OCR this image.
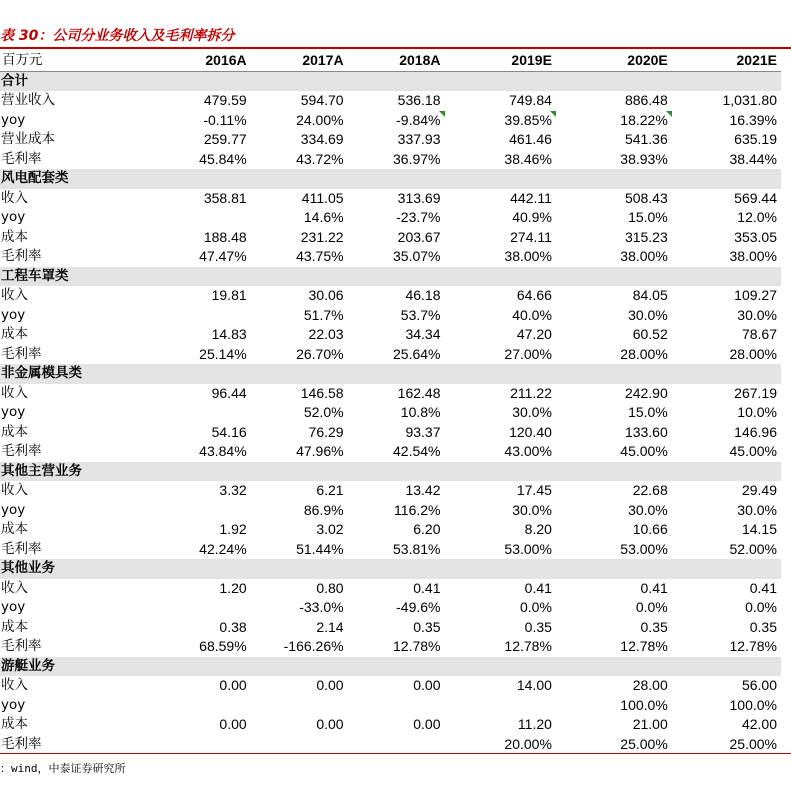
表 30：公司分业务收入及毛利率拆分
百万元	2016A	2017A	2018A	2019E	2020E	2021E
合计						
营业收入	479.59	594.70	536.18	749.84	886.48	1,031.80
yoy	-0.11%	24.00%	-9.84%	39.85%	18.22%	16.39%
营业成本	259.77	334.69	337.93	461.46	541.36	635.19
毛利率	45.84%	43.72%	36.97%	38.46%	38.93%	38.44%
风电配套类						
收入	358.81	411.05	313.69	442.11	508.43	569.44
yoy		14.6%	-23.7%	40.9%	15.0%	12.0%
成本	188.48	231.22	203.67	274.11	315.23	353.05
毛利率	47.47%	43.75%	35.07%	38.00%	38.00%	38.00%
工程车罩类						
收入	19.81	30.06	46.18	64.66	84.05	109.27
yoy		51.7%	53.7%	40.0%	30.0%	30.0%
成本	14.83	22.03	34.34	47.20	60.52	78.67
毛利率	25.14%	26.70%	25.64%	27.00%	28.00%	28.00%
非金属模具类						
收入	96.44	146.58	162.48	211.22	242.90	267.19
yoy		52.0%	10.8%	30.0%	15.0%	10.0%
成本	54.16	76.29	93.37	120.40	133.60	146.96
毛利率	43.84%	47.96%	42.54%	43.00%	45.00%	45.00%
其他主营业务						
收入	3.32	6.21	13.42	17.45	22.68	29.49
yoy		86.9%	116.2%	30.0%	30.0%	30.0%
成本	1.92	3.02	6.20	8.20	10.66	14.15
毛利率	42.24%	51.44%	53.81%	53.00%	53.00%	52.00%
其他业务						
收入	1.20	0.80	0.41	0.41	0.41	0.41
yoy		-33.0%	-49.6%	0.0%	0.0%	0.0%
成本	0.38	2.14	0.35	0.35	0.35	0.35
毛利率	68.59%	-166.26%	12.78%	12.78%	12.78%	12.78%
游艇业务						
收入	0.00	0.00	0.00	14.00	28.00	56.00
yoy					100.0%	100.0%
成本	0.00	0.00	0.00	11.20	21.00	42.00
毛利率				20.00%	25.00%	25.00%
：wind，中泰证券研究所
